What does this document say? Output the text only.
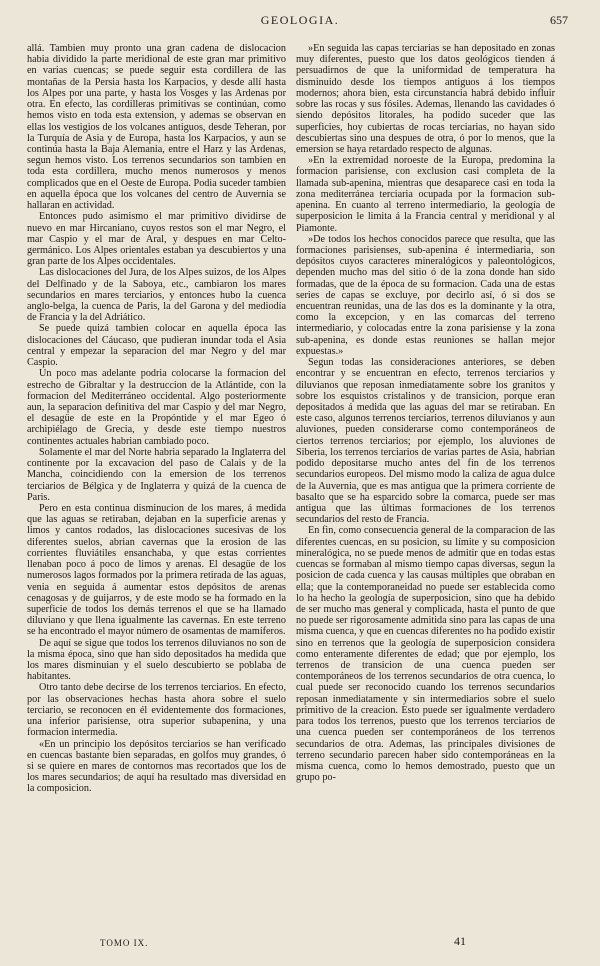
GEOLOGIA.	657

allá. Tambien muy pronto una gran cadena de dislocacion habia dividido la parte meridional de este gran mar primitivo en varias cuencas; se puede seguir esta cordillera de las montañas de la Persia hasta los Karpacios, y desde allí hasta los Alpes por una parte, y hasta los Vosges y las Ardenas por otra. En efecto, las cordilleras primitivas se continúan, como hemos visto en toda esta extension, y ademas se observan en ellas los vestigios de los volcanes antiguos, desde Teheran, por la Turquía de Asia y de Europa, hasta los Karpacios, y aun se continúa hasta la Baja Alemania, entre el Harz y las Ardenas, segun hemos visto. Los terrenos secundarios son tambien en toda esta cordillera, mucho menos numerosos y menos complicados que en el Oeste de Europa. Podia suceder tambien en aquella época que los volcanes del centro de Auvernia se hallaran en actividad.

Entonces pudo asimismo el mar primitivo dividirse de nuevo en mar Hircaniano, cuyos restos son el mar Negro, el mar Caspio y el mar de Aral, y despues en mar Celto-germánico. Los Alpes orientales estaban ya descubiertos y una gran parte de los Alpes occidentales.

Las dislocaciones del Jura, de los Alpes suizos, de los Alpes del Delfinado y de la Saboya, etc., cambiaron los mares secundarios en mares terciarios, y entonces hubo la cuenca anglo-belga, la cuenca de Paris, la del Garona y del mediodía de Francia y la del Adriático.

Se puede quizá tambien colocar en aquella época las dislocaciones del Cáucaso, que pudieran inundar toda el Asia central y empezar la separacion del mar Negro y del mar Caspio.

Un poco mas adelante podria colocarse la formacion del estrecho de Gibraltar y la destruccion de la Atlántide, con la formacion del Mediterráneo occidental. Algo posteriormente aun, la separacion definitiva del mar Caspio y del mar Negro, el desagüe de este en la Propóntide y el mar Egeo ó archipiélago de Grecia, y desde este tiempo nuestros continentes actuales habrian cambiado poco.

Solamente el mar del Norte habria separado la Inglaterra del continente por la excavacion del paso de Calais y de la Mancha, coincidiendo con la emersion de los terrenos terciarios de Bélgica y de Inglaterra y quizá de la cuenca de Paris.

Pero en esta continua disminucion de los mares, á medida que las aguas se retiraban, dejaban en la superficie arenas y limos y cantos rodados, las dislocaciones sucesivas de los diferentes suelos, abrian cavernas que la erosion de las corrientes fluviátiles ensanchaba, y que estas corrientes llenaban poco á poco de limos y arenas. El desagüe de los numerosos lagos formados por la primera retirada de las aguas, venia en seguida á aumentar estos depósitos de arenas cenagosas y de guijarros, y de este modo se ha formado en la superficie de todos los demás terrenos el que se ha llamado diluviano y que llena igualmente las cavernas. En este terreno se ha encontrado el mayor número de osamentas de mamíferos.

De aquí se sigue que todos los terrenos diluvianos no son de la misma época, sino que han sido depositados ha medida que los mares disminuian y el suelo descubierto se poblaba de habitantes.

Otro tanto debe decirse de los terrenos terciarios. En efecto, por las observaciones hechas hasta ahora sobre el suelo terciario, se reconocen en él evidentemente dos formaciones, una inferior parisiense, otra superior subapenina, y una formacion intermedia.

«En un principio los depósitos terciarios se han verificado en cuencas bastante bien separadas, en golfos muy grandes, ó si se quiere en mares de contornos mas recortados que los de los mares secundarios; de aquí ha resultado mas diversidad en la composicion.

»En seguida las capas terciarias se han depositado en zonas muy diferentes, puesto que los datos geológicos tienden á persuadirnos de que la uniformidad de temperatura ha disminuido desde los tiempos antiguos á los tiempos modernos; ahora bien, esta circunstancia habrá debido influir sobre las rocas y sus fósiles. Ademas, llenando las cavidades ó siendo depósitos litorales, ha podido suceder que las superficies, hoy cubiertas de rocas terciarias, no hayan sido descubiertas sino una despues de otra, ó por lo menos, que la emersion se haya retardado respecto de algunas.

»En la extremidad noroeste de la Europa, predomina la formacion parisiense, con exclusion casi completa de la llamada sub-apenina, mientras que desaparece casi en toda la zona mediterránea terciaria ocupada por la formacion sub-apenina. En cuanto al terreno intermediario, la geología de superposicion le limita á la Francia central y meridional y al Piamonte.

»De todos los hechos conocidos parece que resulta, que las formaciones parisienses, sub-apenina é intermediaria, son depósitos cuyos caracteres mineralógicos y paleontológicos, dependen mucho mas del sitio ó de la zona donde han sido formadas, que de la época de su formacion. Cada una de estas series de capas se excluye, por decirlo así, ó si dos se encuentran reunidas, una de las dos es la dominante y la otra, como la excepcion, y en las comarcas del terreno intermediario, y colocadas entre la zona parisiense y la zona sub-apenina, es donde estas reuniones se hallan mejor expuestas.»

Segun todas las consideraciones anteriores, se deben encontrar y se encuentran en efecto, terrenos terciarios y diluvianos que reposan inmediatamente sobre los granitos y sobre los esquistos cristalinos y de transicion, porque eran depositados á medida que las aguas del mar se retiraban. En este caso, algunos terrenos terciarios, terrenos diluvianos y aun aluviones, pueden considerarse como contemporáneos de ciertos terrenos terciarios; por ejemplo, los aluviones de Siberia, los terrenos terciarios de varias partes de Asia, habrian podido depositarse mucho antes del fin de los terrenos secundarios europeos. Del mismo modo la caliza de agua dulce de la Auvernia, que es mas antigua que la primera corriente de basalto que se ha esparcido sobre la comarca, puede ser mas antigua que las últimas formaciones de los terrenos secundarios del resto de Francia.

En fin, como consecuencia general de la comparacion de las diferentes cuencas, en su posicion, su límite y su composicion mineralógica, no se puede menos de admitir que en todas estas cuencas se formaban al mismo tiempo capas diversas, segun la posicion de cada cuenca y las causas múltiples que obraban en ella; que la contemporaneidad no puede ser establecida como lo ha hecho la geología de superposicion, sino que ha debido de ser mucho mas general y complicada, hasta el punto de que no puede ser rigorosamente admitida sino para las capas de una misma cuenca, y que en cuencas diferentes no ha podido existir sino en terrenos que la geología de superposicion considera como enteramente diferentes de edad; que por ejemplo, los terrenos de transicion de una cuenca pueden ser contemporáneos de los terrenos secundarios de otra cuenca, lo cual puede ser reconocido cuando los terrenos secundarios reposan inmediatamente y sin intermediarios sobre el suelo primitivo de la creacion. Esto puede ser igualmente verdadero para todos los terrenos, puesto que los terrenos terciarios de una cuenca pueden ser contemporáneos de los terrenos secundarios de otra. Ademas, las principales divisiones de terreno secundario parecen haber sido contemporáneas en la misma cuenca, como lo hemos demostrado, puesto que un grupo po-

TOMO IX.	41
